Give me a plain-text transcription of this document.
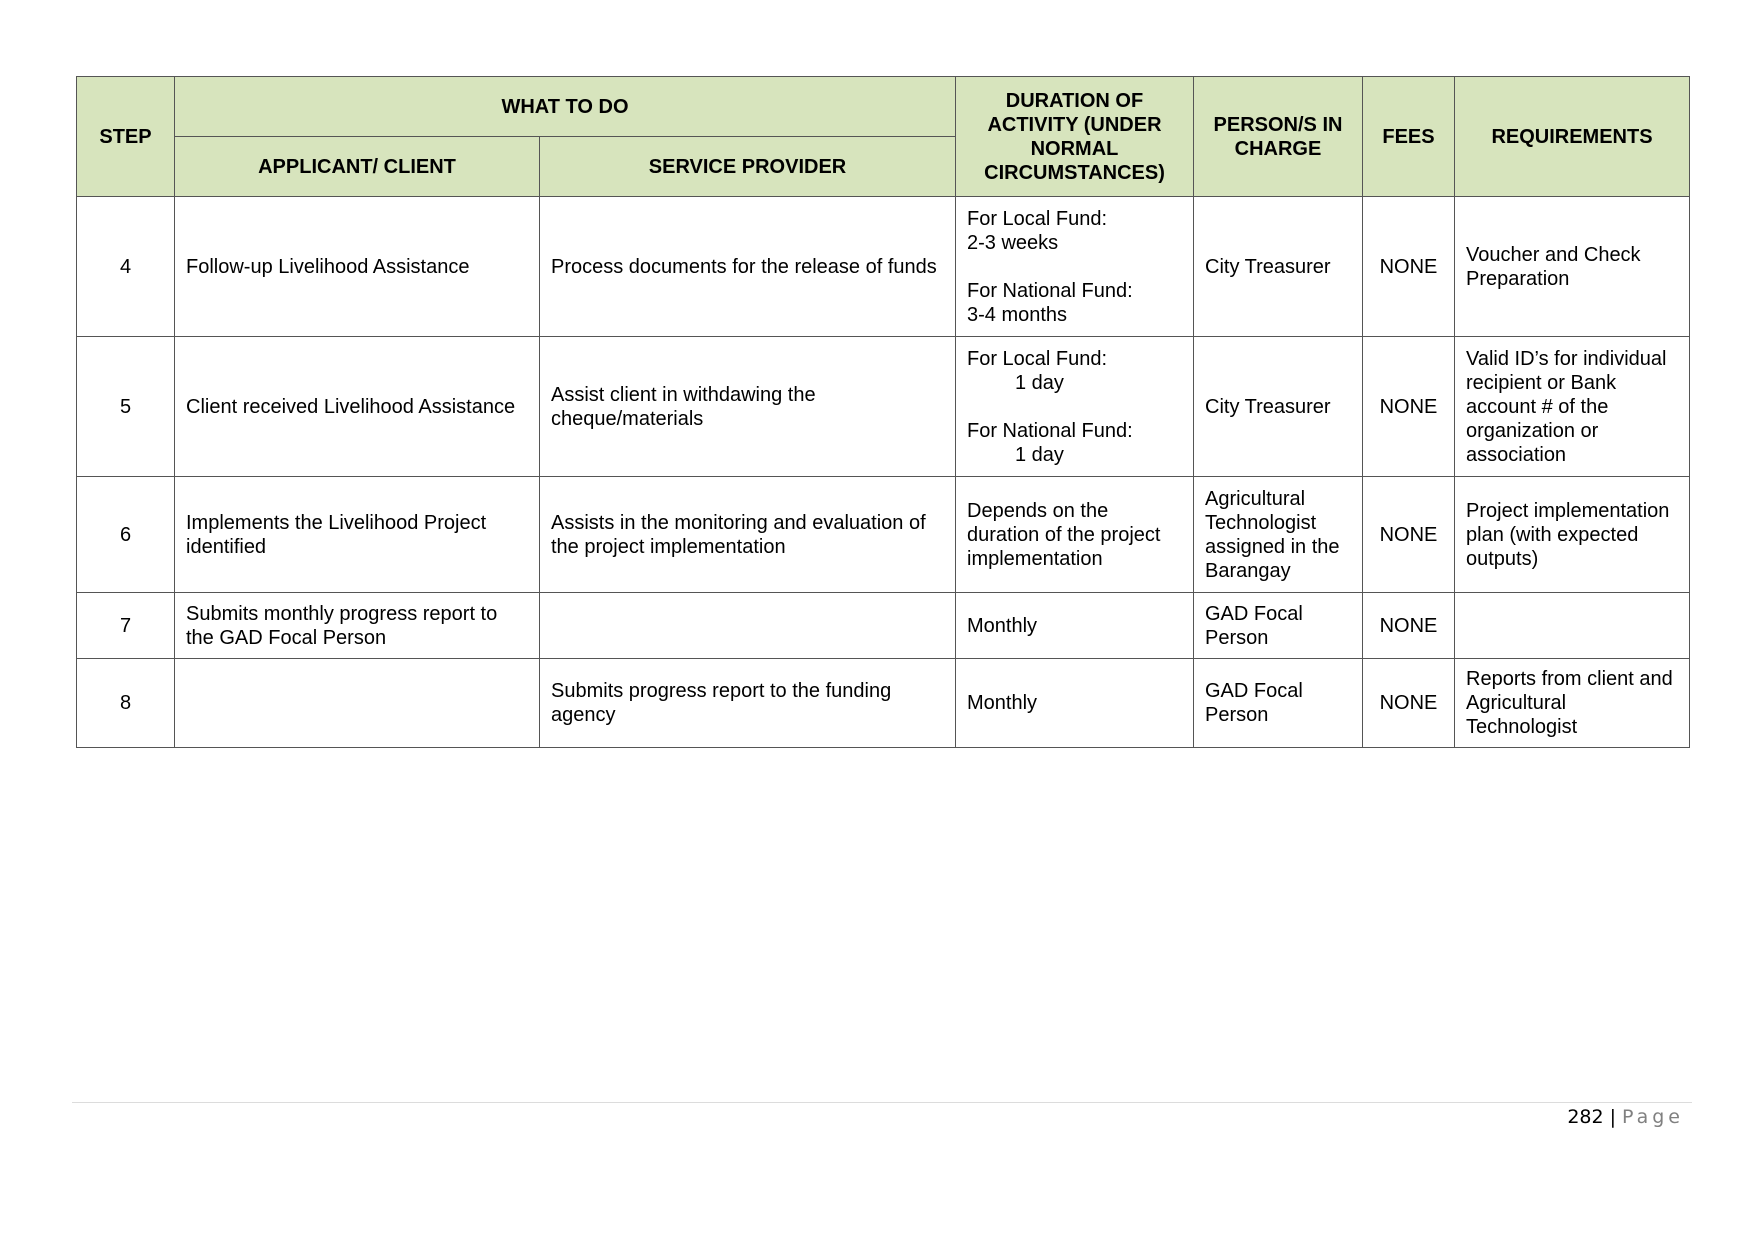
STEP	WHAT TO DO		DURATION OF ACTIVITY (UNDER NORMAL CIRCUMSTANCES)	PERSON/S IN CHARGE	FEES	REQUIREMENTS
	APPLICANT/ CLIENT	SERVICE PROVIDER				
4	Follow-up Livelihood Assistance	Process documents for the release of funds	For Local Fund:
2-3 weeks

For National Fund:
3-4 months	City Treasurer	NONE	Voucher and Check Preparation
5	Client received Livelihood Assistance	Assist client in withdawing the cheque/materials	For Local Fund:
1 day

For National Fund:
1 day	City Treasurer	NONE	Valid ID’s for individual recipient or Bank account # of the organization or association
6	Implements the Livelihood Project identified	Assists in the monitoring and evaluation of the project implementation	Depends on the duration of the project implementation	Agricultural Technologist assigned in the Barangay	NONE	Project implementation plan (with expected outputs)
7	Submits monthly progress report to the GAD Focal Person		Monthly	GAD Focal Person	NONE	
8		Submits progress report to the funding agency	Monthly	GAD Focal Person	NONE	Reports from client and Agricultural Technologist
282 | Page
